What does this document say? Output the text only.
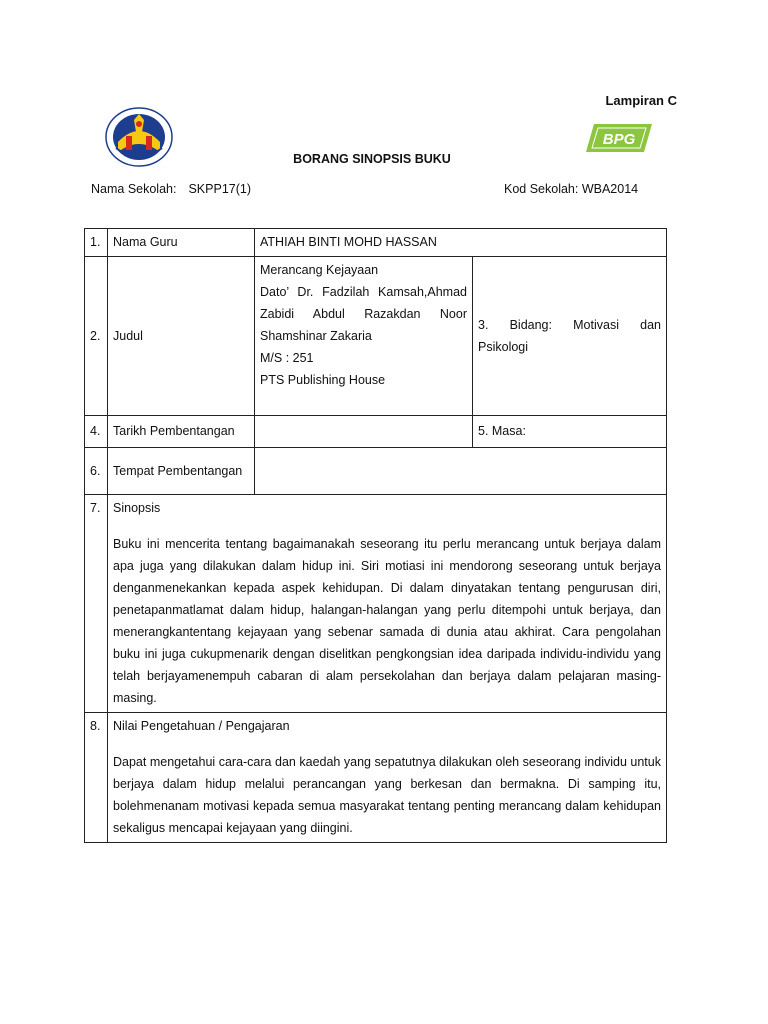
Lampiran C
BPG
BORANG SINOPSIS BUKU
Nama Sekolah: SKPP17(1)	Kod Sekolah: WBA2014
1.	Nama Guru	ATHIAH BINTI MOHD HASSAN	
2.	Judul	Merancang Kejayaan
Dato’ Dr. Fadzilah Kamsah,Ahmad Zabidi Abdul Razakdan Noor Shamshinar Zakaria
M/S : 251
PTS Publishing House	3. Bidang: Motivasi dan Psikologi
4.	Tarikh Pembentangan		5. Masa:
6.	Tempat Pembentangan		
7.	Sinopsis
Buku ini mencerita tentang bagaimanakah seseorang itu perlu merancang untuk berjaya dalam apa juga yang dilakukan dalam hidup ini. Siri motiasi ini mendorong seseorang untuk berjaya denganmenekankan kepada aspek kehidupan. Di dalam dinyatakan tentang pengurusan diri, penetapanmatlamat dalam hidup, halangan-halangan yang perlu ditempohi untuk berjaya, dan menerangkantentang kejayaan yang sebenar samada di dunia atau akhirat. Cara pengolahan buku ini juga cukupmenarik dengan diselitkan pengkongsian idea daripada individu-individu yang telah berjayamenempuh cabaran di alam persekolahan dan berjaya dalam pelajaran masing-masing.		

8.	Nilai Pengetahuan / Pengajaran
Dapat mengetahui cara-cara dan kaedah yang sepatutnya dilakukan oleh seseorang individu untuk berjaya dalam hidup melalui perancangan yang berkesan dan bermakna. Di samping itu, bolehmenanam motivasi kepada semua masyarakat tentang penting merancang dalam kehidupan sekaligus mencapai kejayaan yang diingini.		
